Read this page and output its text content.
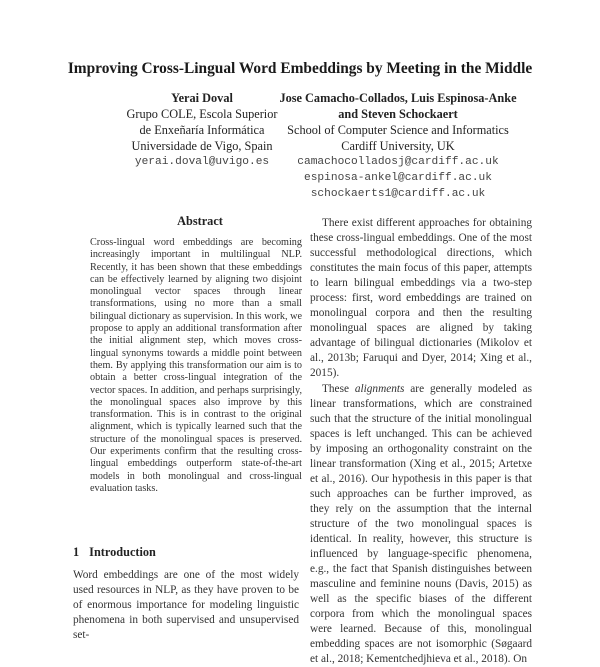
Improving Cross-Lingual Word Embeddings by Meeting in the Middle
Yerai Doval
Grupo COLE, Escola Superior
de Enxeñaría Informática
Universidade de Vigo, Spain
yerai.doval@uvigo.es
Jose Camacho-Collados, Luis Espinosa-Anke
and Steven Schockaert
School of Computer Science and Informatics
Cardiff University, UK
camachocolladosj@cardiff.ac.uk
espinosa-ankel@cardiff.ac.uk
schockaerts1@cardiff.ac.uk
Abstract
Cross-lingual word embeddings are becoming increasingly important in multilingual NLP. Recently, it has been shown that these embeddings can be effectively learned by aligning two disjoint monolingual vector spaces through linear transformations, using no more than a small bilingual dictionary as supervision. In this work, we propose to apply an additional transformation after the initial alignment step, which moves cross-lingual synonyms towards a middle point between them. By applying this transformation our aim is to obtain a better cross-lingual integration of the vector spaces. In addition, and perhaps surprisingly, the monolingual spaces also improve by this transformation. This is in contrast to the original alignment, which is typically learned such that the structure of the monolingual spaces is preserved. Our experiments confirm that the resulting cross-lingual embeddings outperform state-of-the-art models in both monolingual and cross-lingual evaluation tasks.
1 Introduction
Word embeddings are one of the most widely used resources in NLP, as they have proven to be of enormous importance for modeling linguistic phenomena in both supervised and unsupervised set-

There exist different approaches for obtaining these cross-lingual embeddings. One of the most successful methodological directions, which constitutes the main focus of this paper, attempts to learn bilingual embeddings via a two-step process: first, word embeddings are trained on monolingual corpora and then the resulting monolingual spaces are aligned by taking advantage of bilingual dictionaries (Mikolov et al., 2013b; Faruqui and Dyer, 2014; Xing et al., 2015).

These alignments are generally modeled as linear transformations, which are constrained such that the structure of the initial monolingual spaces is left unchanged. This can be achieved by imposing an orthogonality constraint on the linear transformation (Xing et al., 2015; Artetxe et al., 2016). Our hypothesis in this paper is that such approaches can be further improved, as they rely on the assumption that the internal structure of the two monolingual spaces is identical. In reality, however, this structure is influenced by language-specific phenomena, e.g., the fact that Spanish distinguishes between masculine and feminine nouns (Davis, 2015) as well as the specific biases of the different corpora from which the monolingual spaces were learned. Because of this, monolingual embedding spaces are not isomorphic (Søgaard et al., 2018; Kementchedjhieva et al., 2018). On
